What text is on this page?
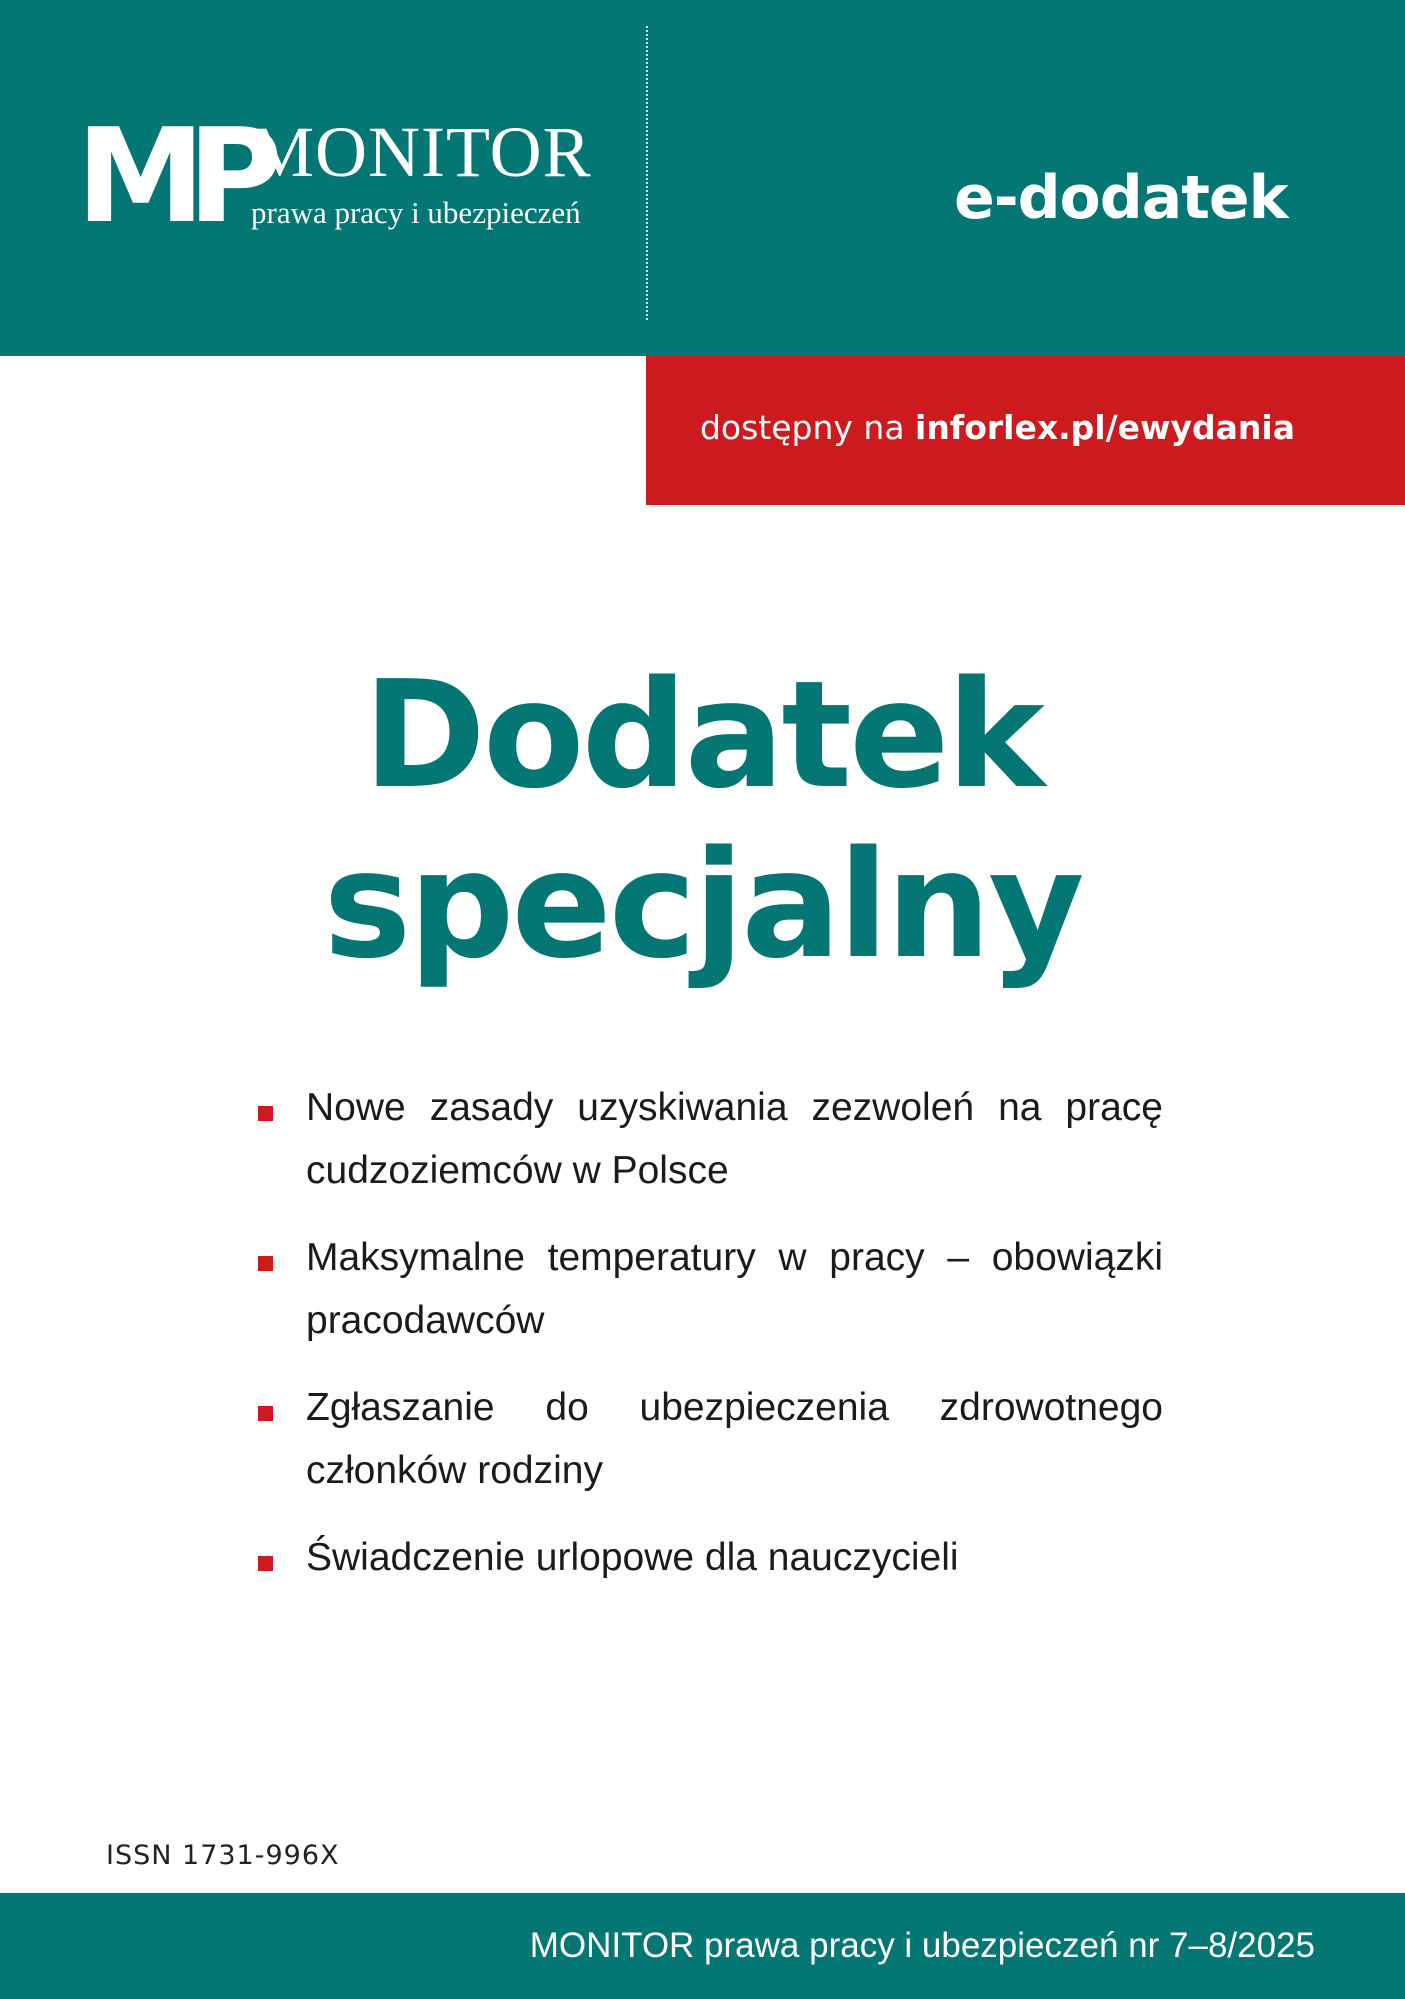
MP
MONITOR
prawa pracy i ubezpieczeń	e-dodatek
dostępny na inforlex.pl/ewydania
Dodatek
specjalny
Nowe zasady uzyskiwania zezwoleń na pracę cudzoziemców w Polsce
Maksymalne temperatury w pracy – obowiązki pracodawców
Zgłaszanie do ubezpieczenia zdrowotnego członków rodziny
Świadczenie urlopowe dla nauczycieli
ISSN 1731-996X
MONITOR prawa pracy i ubezpieczeń nr 7–8/2025
